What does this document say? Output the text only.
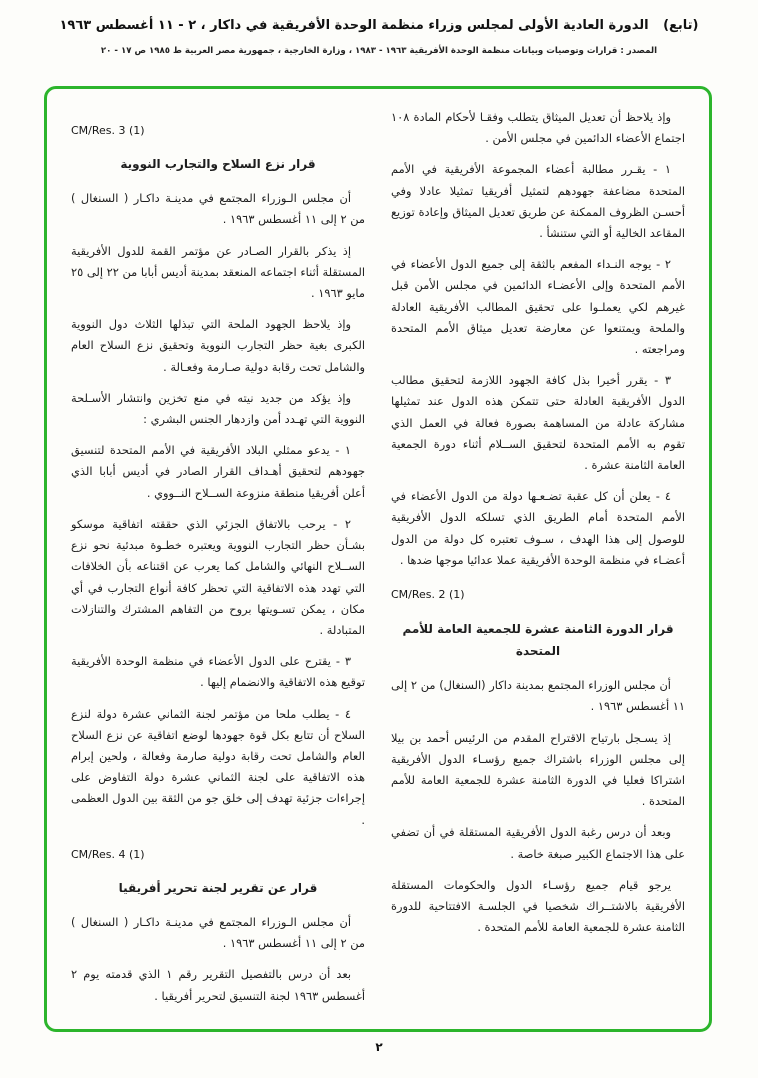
(تابع) الدورة العادية الأولى لمجلس وزراء منظمة الوحدة الأفريقية في داكار ، ٢ - ١١ أغسطس ١٩٦٣
المصدر : قرارات وتوصيات وبيانات منظمة الوحدة الأفريقية ١٩٦٣ - ١٩٨٣ ، وزارة الخارجية ، جمهورية مصر العربية ط ١٩٨٥ ص ١٧ - ٢٠
وإذ يلاحظ أن تعديل الميثاق يتطلب وفقـا لأحكام المادة ١٠٨ اجتماع الأعضاء الدائمين في مجلس الأمن .
١ - يقـرر مطالبة أعضاء المجموعة الأفريقية في الأمم المتحدة مضاعفة جهودهم لتمثيل أفريقيا تمثيلا عادلا وفي أحسـن الظروف الممكنة عن طريق تعديل الميثاق وإعادة توزيع المقاعد الخالية أو التي ستنشأ .
٢ - يوجه النـداء المفعم بالثقة إلى جميع الدول الأعضاء في الأمم المتحدة وإلى الأعضـاء الدائمين في مجلس الأمن قبل غيرهم لكي يعملـوا على تحقيق المطالب الأفريقية العادلة والملحة ويمتنعوا عن معارضة تعديل ميثاق الأمم المتحدة ومراجعته .
٣ - يقرر أخيرا بذل كافة الجهود اللازمة لتحقيق مطالب الدول الأفريقية العادلة حتى تتمكن هذه الدول عند تمثيلها مشاركة عادلة من المساهمة بصورة فعالة في العمل الذي تقوم به الأمم المتحدة لتحقيق الســلام أثناء دورة الجمعية العامة الثامنة عشرة .
٤ - يعلن أن كل عقبة تضـعـها دولة من الدول الأعضاء في الأمم المتحدة أمام الطريق الذي تسلكه الدول الأفريقية للوصول إلى هذا الهدف ، سـوف تعتبره كل دولة من الدول أعضـاء في منظمة الوحدة الأفريقية عملا عدائيا موجها ضدها .
CM/Res. 2 (1)
قرار الدورة الثامنة عشرة للجمعية العامة للأمم المتحدة
أن مجلس الوزراء المجتمع بمدينة داكار (السنغال) من ٢ إلى ١١ أغسطس ١٩٦٣ .
إذ يسـجل بارتياح الاقتراح المقدم من الرئيس أحمد بن بيلا إلى مجلس الوزراء باشتراك جميع رؤسـاء الدول الأفريقية اشتراكا فعليا في الدورة الثامنة عشرة للجمعية العامة للأمم المتحدة .
وبعد أن درس رغبة الدول الأفريقية المستقلة في أن تضفي على هذا الاجتماع الكبير صبغة خاصة .
يرجو قيام جميع رؤسـاء الدول والحكومات المستقلة الأفريقية بالاشتــراك شخصيا في الجلسـة الافتتاحية للدورة الثامنة عشرة للجمعية العامة للأمم المتحدة .
CM/Res. 3 (1)
قرار نزع السلاح والتجارب النووية
أن مجلس الـوزراء المجتمع في مدينـة داكـار ( السنغال ) من ٢ إلى ١١ أغسطس ١٩٦٣ .
إذ يذكر بالقرار الصـادر عن مؤتمر القمة للدول الأفريقية المستقلة أثناء اجتماعه المنعقد بمدينة أديس أبابا من ٢٢ إلى ٢٥ مايو ١٩٦٣ .
وإذ يلاحظ الجهود الملحة التي تبذلها الثلاث دول النووية الكبرى بغية حظر التجارب النووية وتحقيق نزع السلاح العام والشامل تحت رقابة دولية صـارمة وفعـالة .
وإذ يؤكد من جديد نيته في منع تخزين وانتشار الأسـلحة النووية التي تهـدد أمن وازدهار الجنس البشري :
١ - يدعو ممثلي البلاد الأفريقية في الأمم المتحدة لتنسيق جهودهم لتحقيق أهـداف القرار الصادر في أديس أبابا الذي أعلن أفريقيا منطقة منزوعة الســلاح النــووي .
٢ - يرحب بالاتفاق الجزئي الذي حققته اتفاقية موسكو بشـأن حظر التجارب النووية ويعتبره خطـوة مبدئية نحو نزع الســلاح النهائي والشامل كما يعرب عن اقتناعه بأن الخلافات التي تهدد هذه الاتفاقية التي تحظر كافة أنواع التجارب في أي مكان ، يمكن تسـويتها بروح من التفاهم المشترك والتنازلات المتبادلة .
٣ - يقترح على الدول الأعضاء في منظمة الوحدة الأفريقية توقيع هذه الاتفاقية والانضمام إليها .
٤ - يطلب ملحا من مؤتمر لجنة الثماني عشرة دولة لنزع السلاح أن تتابع بكل قوة جهودها لوضع اتفاقية عن نزع السلاح العام والشامل تحت رقابة دولية صارمة وفعالة ، ولحين إبرام هذه الاتفاقية على لجنة الثماني عشرة دولة التفاوض على إجراءات جزئية تهدف إلى خلق جو من الثقة بين الدول العظمى .
CM/Res. 4 (1)
قرار عن تقرير لجنة تحرير أفريقيا
أن مجلس الـوزراء المجتمع في مدينـة داكـار ( السنغال ) من ٢ إلى ١١ أغسطس ١٩٦٣ .
بعد أن درس بالتفصيل التقرير رقم ١ الذي قدمته يوم ٢ أغسطس ١٩٦٣ لجنة التنسيق لتحرير أفريقيا .
٢
